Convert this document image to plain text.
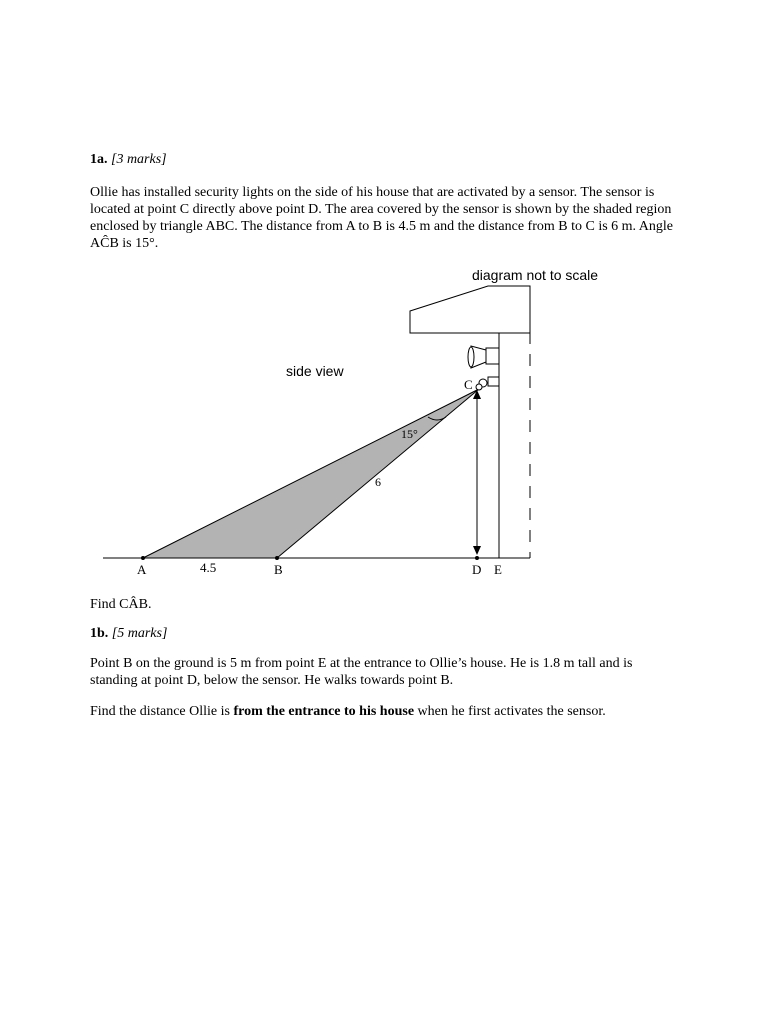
1a. [3 marks]

Ollie has installed security lights on the side of his house that are activated by a sensor. The sensor is located at point C directly above point D. The area covered by the sensor is shown by the shaded region enclosed by triangle ABC. The distance from A to B is 4.5 m and the distance from B to C is 6 m. Angle AĈB is 15°.

diagram not to scale
side view
C
15°
6
A	4.5	B	D E

Find CÂB.

1b. [5 marks]

Point B on the ground is 5 m from point E at the entrance to Ollie’s house. He is 1.8 m tall and is standing at point D, below the sensor. He walks towards point B.

Find the distance Ollie is from the entrance to his house when he first activates the sensor.
